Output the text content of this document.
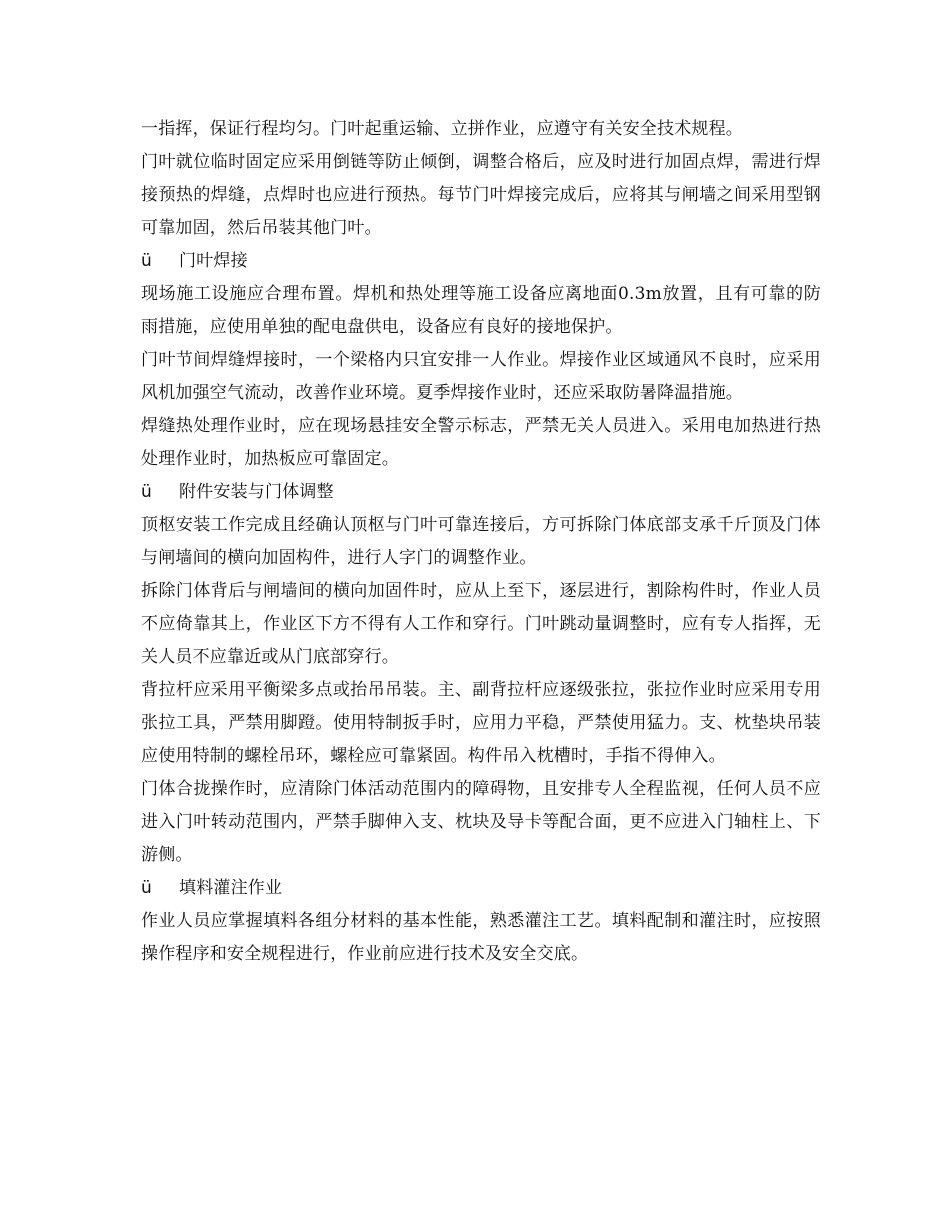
一指挥，保证行程均匀。门叶起重运输、立拼作业，应遵守有关安全技术规程。

门叶就位临时固定应采用倒链等防止倾倒，调整合格后，应及时进行加固点焊，需进行焊接预热的焊缝，点焊时也应进行预热。每节门叶焊接完成后，应将其与闸墙之间采用型钢可靠加固，然后吊装其他门叶。

ü 门叶焊接

现场施工设施应合理布置。焊机和热处理等施工设备应离地面0.3m放置，且有可靠的防雨措施，应使用单独的配电盘供电，设备应有良好的接地保护。

门叶节间焊缝焊接时，一个梁格内只宜安排一人作业。焊接作业区域通风不良时，应采用风机加强空气流动，改善作业环境。夏季焊接作业时，还应采取防暑降温措施。

焊缝热处理作业时，应在现场悬挂安全警示标志，严禁无关人员进入。采用电加热进行热处理作业时，加热板应可靠固定。

ü 附件安装与门体调整

顶枢安装工作完成且经确认顶枢与门叶可靠连接后，方可拆除门体底部支承千斤顶及门体与闸墙间的横向加固构件，进行人字门的调整作业。

拆除门体背后与闸墙间的横向加固件时，应从上至下，逐层进行，割除构件时，作业人员不应倚靠其上，作业区下方不得有人工作和穿行。门叶跳动量调整时，应有专人指挥，无关人员不应靠近或从门底部穿行。

背拉杆应采用平衡梁多点或抬吊吊装。主、副背拉杆应逐级张拉，张拉作业时应采用专用张拉工具，严禁用脚蹬。使用特制扳手时，应用力平稳，严禁使用猛力。支、枕垫块吊装应使用特制的螺栓吊环，螺栓应可靠紧固。构件吊入枕槽时，手指不得伸入。

门体合拢操作时，应清除门体活动范围内的障碍物，且安排专人全程监视，任何人员不应进入门叶转动范围内，严禁手脚伸入支、枕块及导卡等配合面，更不应进入门轴柱上、下游侧。

ü 填料灌注作业

作业人员应掌握填料各组分材料的基本性能，熟悉灌注工艺。填料配制和灌注时，应按照操作程序和安全规程进行，作业前应进行技术及安全交底。
